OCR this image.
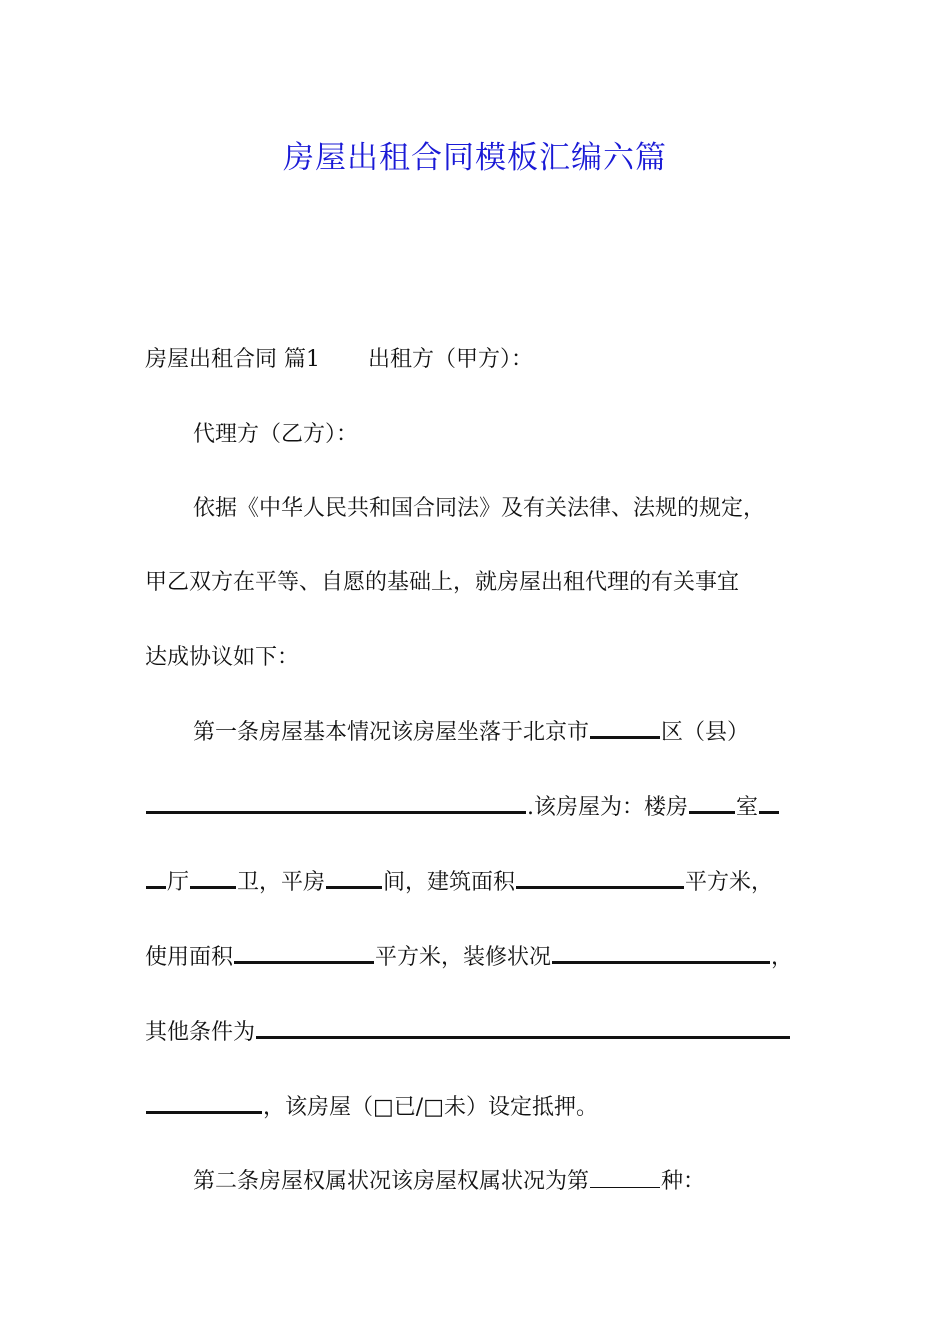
房屋出租合同模板汇编六篇
房屋出租合同 篇1 出租方（甲方）：
代理方（乙方）：
依据《中华人民共和国合同法》及有关法律、法规的规定，
甲乙双方在平等、自愿的基础上，就房屋出租代理的有关事宜
达成协议如下：
第一条房屋基本情况该房屋坐落于北京市	区（县）
.该房屋为：楼房 室
厅 卫，平房	间，建筑面积	平方米，
使用面积	平方米，装修状况	，
其他条件为
，该房屋（□已/□未）设定抵押。
第二条房屋权属状况该房屋权属状况为第	种：
